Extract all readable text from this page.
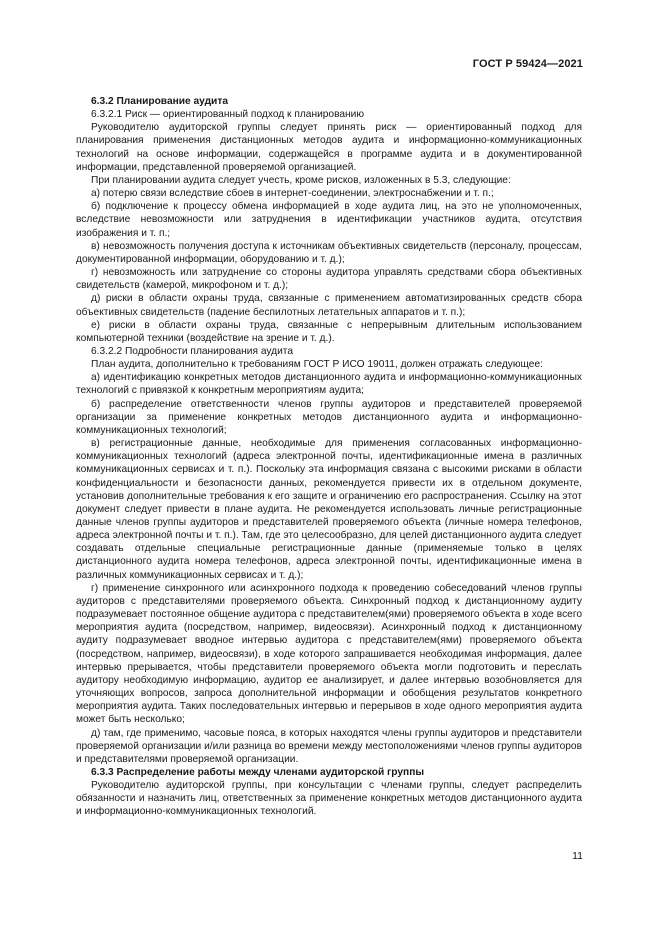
ГОСТ Р 59424—2021

6.3.2 Планирование аудита

6.3.2.1 Риск — ориентированный подход к планированию

Руководителю аудиторской группы следует принять риск — ориентированный подход для планирования применения дистанционных методов аудита и информационно-коммуникационных технологий на основе информации, содержащейся в программе аудита и в документированной информации, представленной проверяемой организацией.

При планировании аудита следует учесть, кроме рисков, изложенных в 5.3, следующие:

а) потерю связи вследствие сбоев в интернет-соединении, электроснабжении и т. п.;

б) подключение к процессу обмена информацией в ходе аудита лиц, на это не уполномоченных, вследствие невозможности или затруднения в идентификации участников аудита, отсутствия изображения и т. п.;

в) невозможность получения доступа к источникам объективных свидетельств (персоналу, процессам, документированной информации, оборудованию и т. д.);

г) невозможность или затруднение со стороны аудитора управлять средствами сбора объективных свидетельств (камерой, микрофоном и т. д.);

д) риски в области охраны труда, связанные с применением автоматизированных средств сбора объективных свидетельств (падение беспилотных летательных аппаратов и т. п.);

е) риски в области охраны труда, связанные с непрерывным длительным использованием компьютерной техники (воздействие на зрение и т. д.).

6.3.2.2 Подробности планирования аудита

План аудита, дополнительно к требованиям ГОСТ Р ИСО 19011, должен отражать следующее:

а) идентификацию конкретных методов дистанционного аудита и информационно-коммуникационных технологий с привязкой к конкретным мероприятиям аудита;

б) распределение ответственности членов группы аудиторов и представителей проверяемой организации за применение конкретных методов дистанционного аудита и информационно-коммуникационных технологий;

в) регистрационные данные, необходимые для применения согласованных информационно-коммуникационных технологий (адреса электронной почты, идентификационные имена в различных коммуникационных сервисах и т. п.). Поскольку эта информация связана с высокими рисками в области конфиденциальности и безопасности данных, рекомендуется привести их в отдельном документе, установив дополнительные требования к его защите и ограничению его распространения. Ссылку на этот документ следует привести в плане аудита. Не рекомендуется использовать личные регистрационные данные членов группы аудиторов и представителей проверяемого объекта (личные номера телефонов, адреса электронной почты и т. п.). Там, где это целесообразно, для целей дистанционного аудита следует создавать отдельные специальные регистрационные данные (применяемые только в целях дистанционного аудита номера телефонов, адреса электронной почты, идентификационные имена в различных коммуникационных сервисах и т. д.);

г) применение синхронного или асинхронного подхода к проведению собеседований членов группы аудиторов с представителями проверяемого объекта. Синхронный подход к дистанционному аудиту подразумевает постоянное общение аудитора с представителем(ями) проверяемого объекта в ходе всего мероприятия аудита (посредством, например, видеосвязи). Асинхронный подход к дистанционному аудиту подразумевает вводное интервью аудитора с представителем(ями) проверяемого объекта (посредством, например, видеосвязи), в ходе которого запрашивается необходимая информация, далее интервью прерывается, чтобы представители проверяемого объекта могли подготовить и переслать аудитору необходимую информацию, аудитор ее анализирует, и далее интервью возобновляется для уточняющих вопросов, запроса дополнительной информации и обобщения результатов конкретного мероприятия аудита. Таких последовательных интервью и перерывов в ходе одного мероприятия аудита может быть несколько;

д) там, где применимо, часовые пояса, в которых находятся члены группы аудиторов и представители проверяемой организации и/или разница во времени между местоположениями членов группы аудиторов и представителями проверяемой организации.

6.3.3 Распределение работы между членами аудиторской группы

Руководителю аудиторской группы, при консультации с членами группы, следует распределить обязанности и назначить лиц, ответственных за применение конкретных методов дистанционного аудита и информационно-коммуникационных технологий.

11
